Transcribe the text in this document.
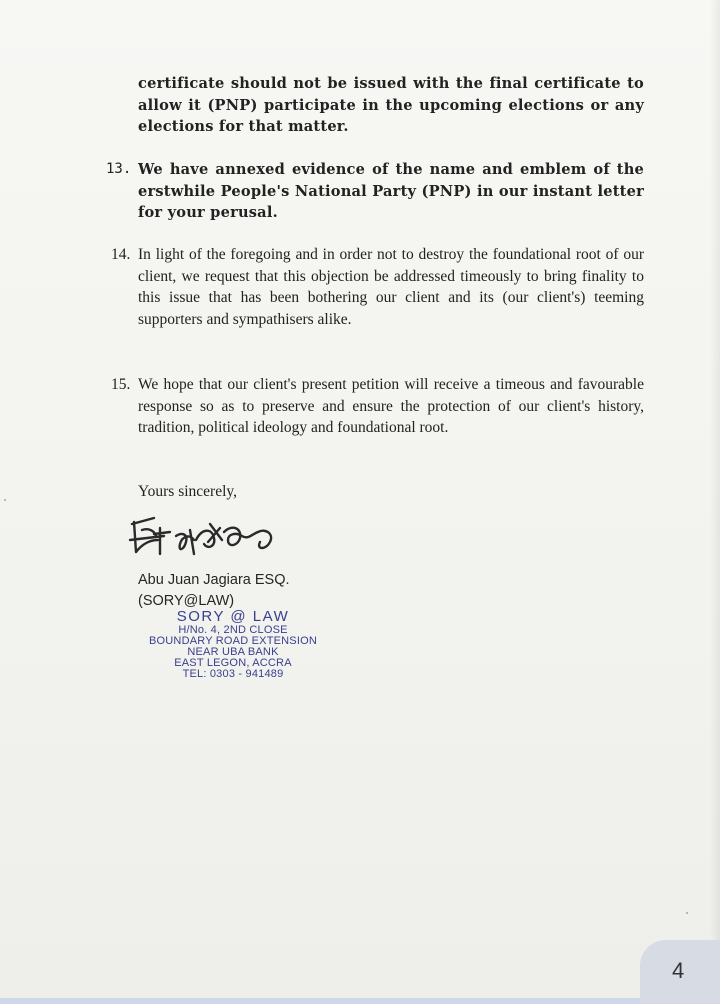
certificate should not be issued with the final certificate to allow it (PNP) participate in the upcoming elections or any elections for that matter.
13. We have annexed evidence of the name and emblem of the erstwhile People's National Party (PNP) in our instant letter for your perusal.
14. In light of the foregoing and in order not to destroy the foundational root of our client, we request that this objection be addressed timeously to bring finality to this issue that has been bothering our client and its (our client's) teeming supporters and sympathisers alike.
15. We hope that our client's present petition will receive a timeous and favourable response so as to preserve and ensure the protection of our client's history, tradition, political ideology and foundational root.
Yours sincerely,
Abu Juan Jagiara ESQ.
(SORY@LAW)
SORY @ LAW
H/No. 4, 2ND CLOSE
BOUNDARY ROAD EXTENSION
NEAR UBA BANK
EAST LEGON, ACCRA
TEL: 0303 - 941489
4
